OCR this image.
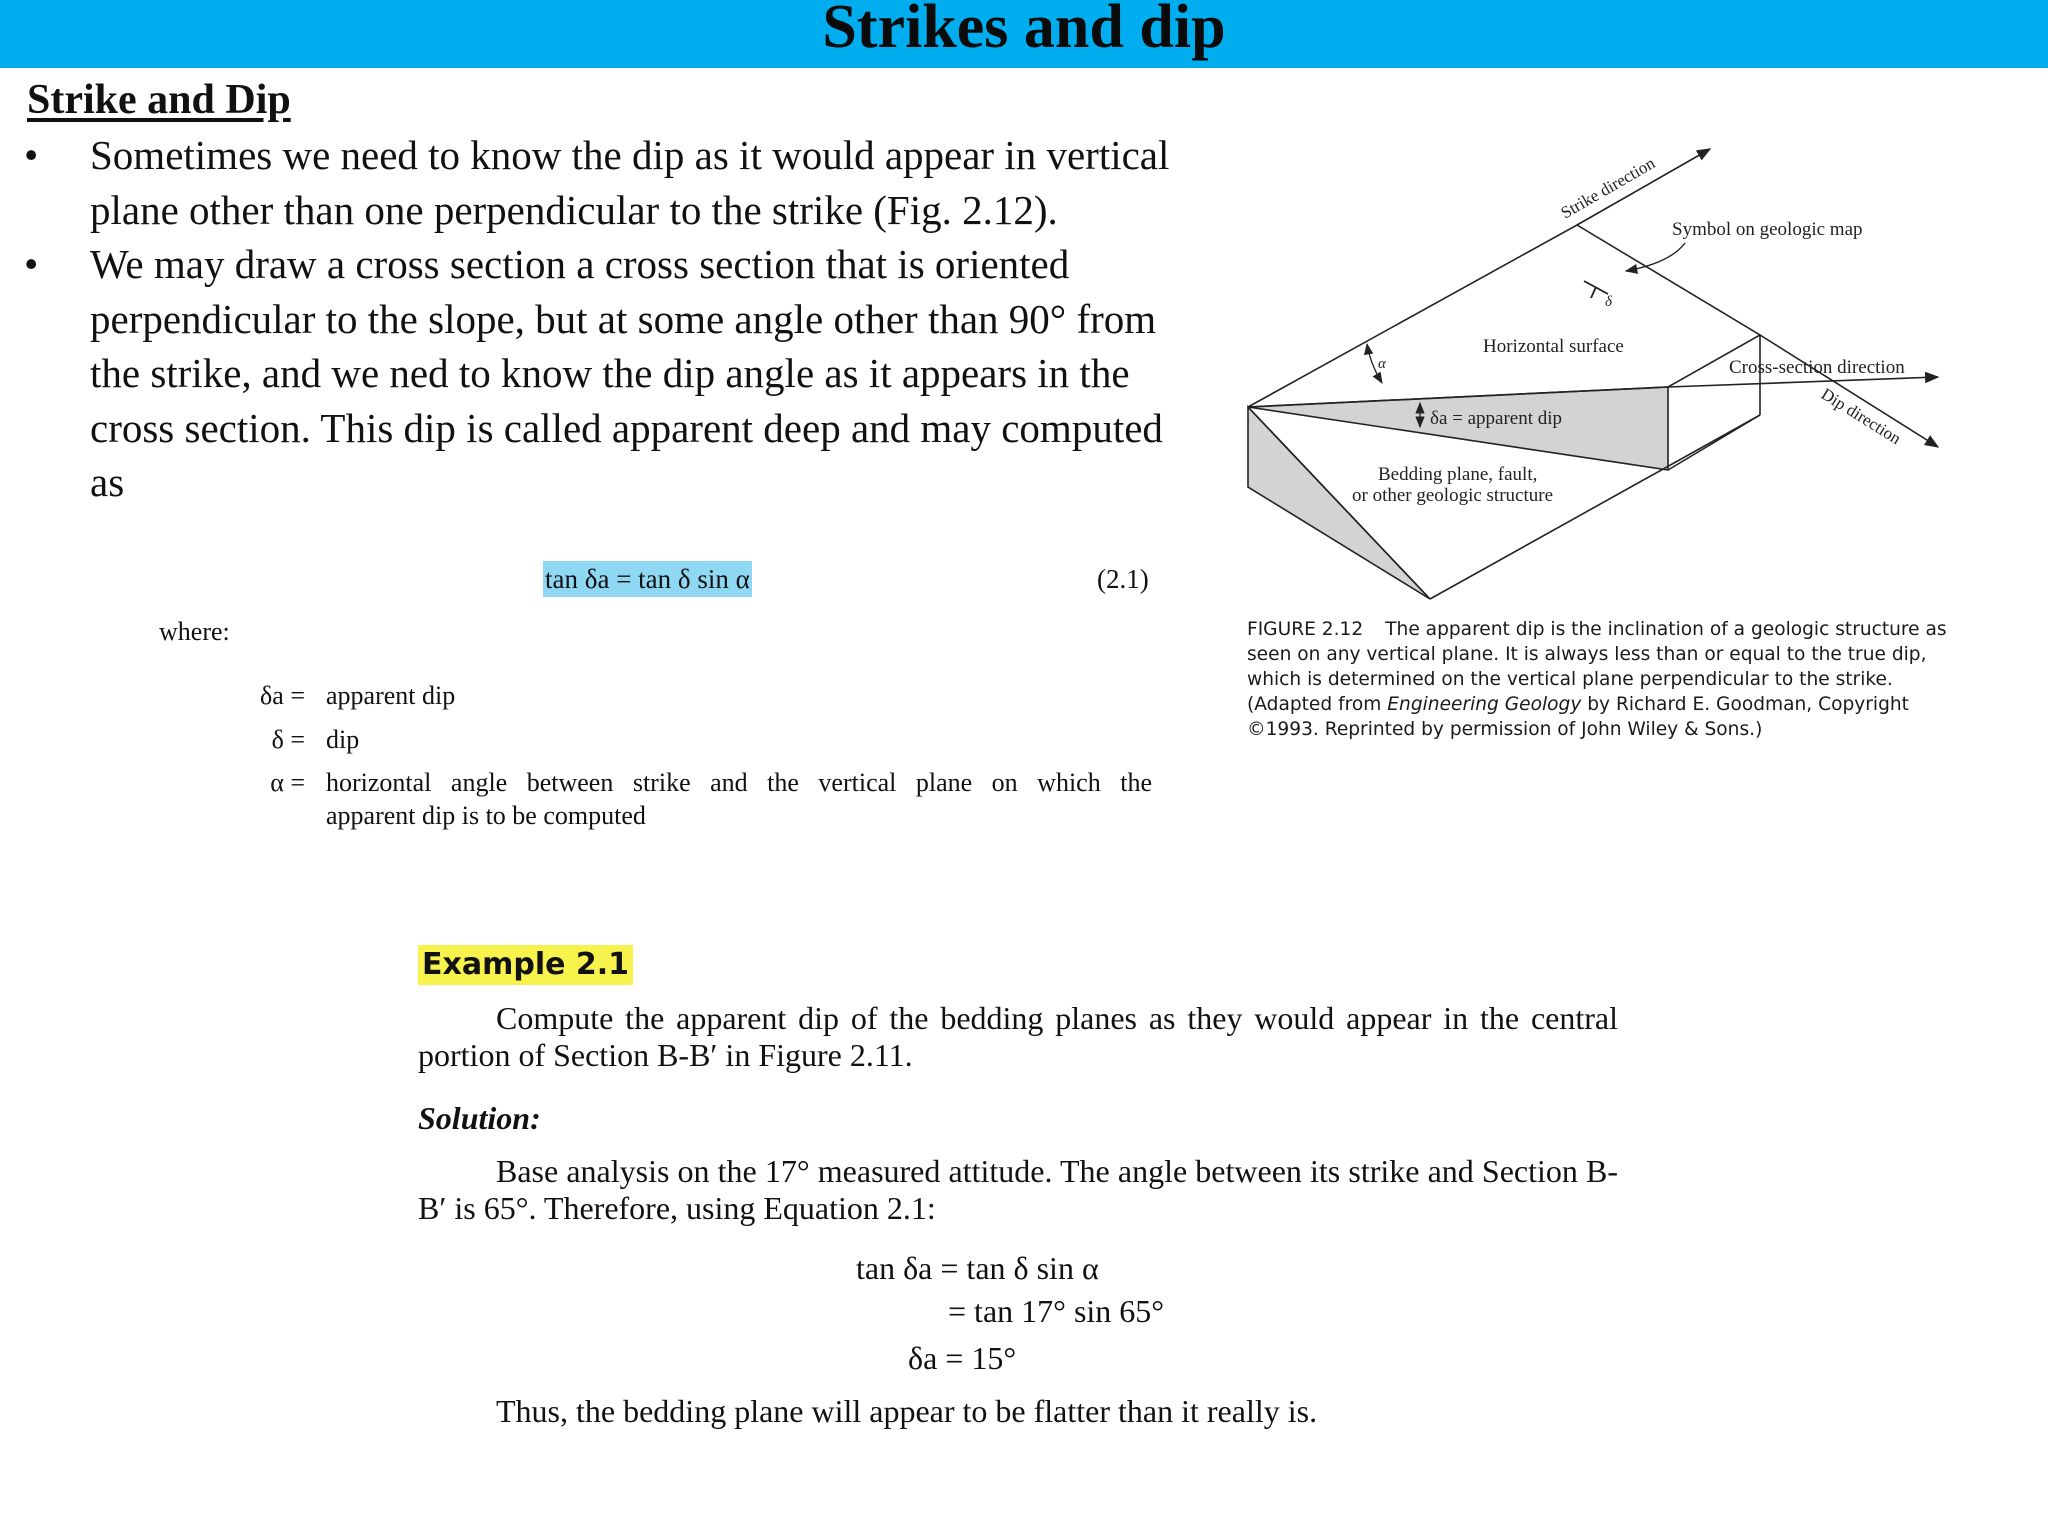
Strikes and dip
Strike and Dip
• Sometimes we need to know the dip as it would appear in vertical plane other than one perpendicular to the strike (Fig. 2.12).
• We may draw a cross section a cross section that is oriented perpendicular to the slope, but at some angle other than 90° from the strike, and we ned to know the dip angle as it appears in the cross section. This dip is called apparent deep and may computed as
tan δa = tan δ sin α	(2.1)
where:
δa = apparent dip
δ = dip
α = horizontal angle between strike and the vertical plane on which the
apparent dip is to be computed
Strike direction
Symbol on geologic map
δ
Horizontal surface
α	Cross-section direction
Dip direction
δa = apparent dip
Bedding plane, fault,
or other geologic structure
FIGURE 2.12 The apparent dip is the inclination of a geologic structure as seen on any vertical plane. It is always less than or equal to the true dip, which is determined on the vertical plane perpendicular to the strike. (Adapted from Engineering Geology by Richard E. Goodman, Copyright ©1993. Reprinted by permission of John Wiley & Sons.)
Example 2.1
Compute the apparent dip of the bedding planes as they would appear in the central portion of Section B-B′ in Figure 2.11.
Solution:
Base analysis on the 17° measured attitude. The angle between its strike and Section B-B′ is 65°. Therefore, using Equation 2.1:
tan δa = tan δ sin α
= tan 17° sin 65°
δa = 15°
Thus, the bedding plane will appear to be flatter than it really is.
